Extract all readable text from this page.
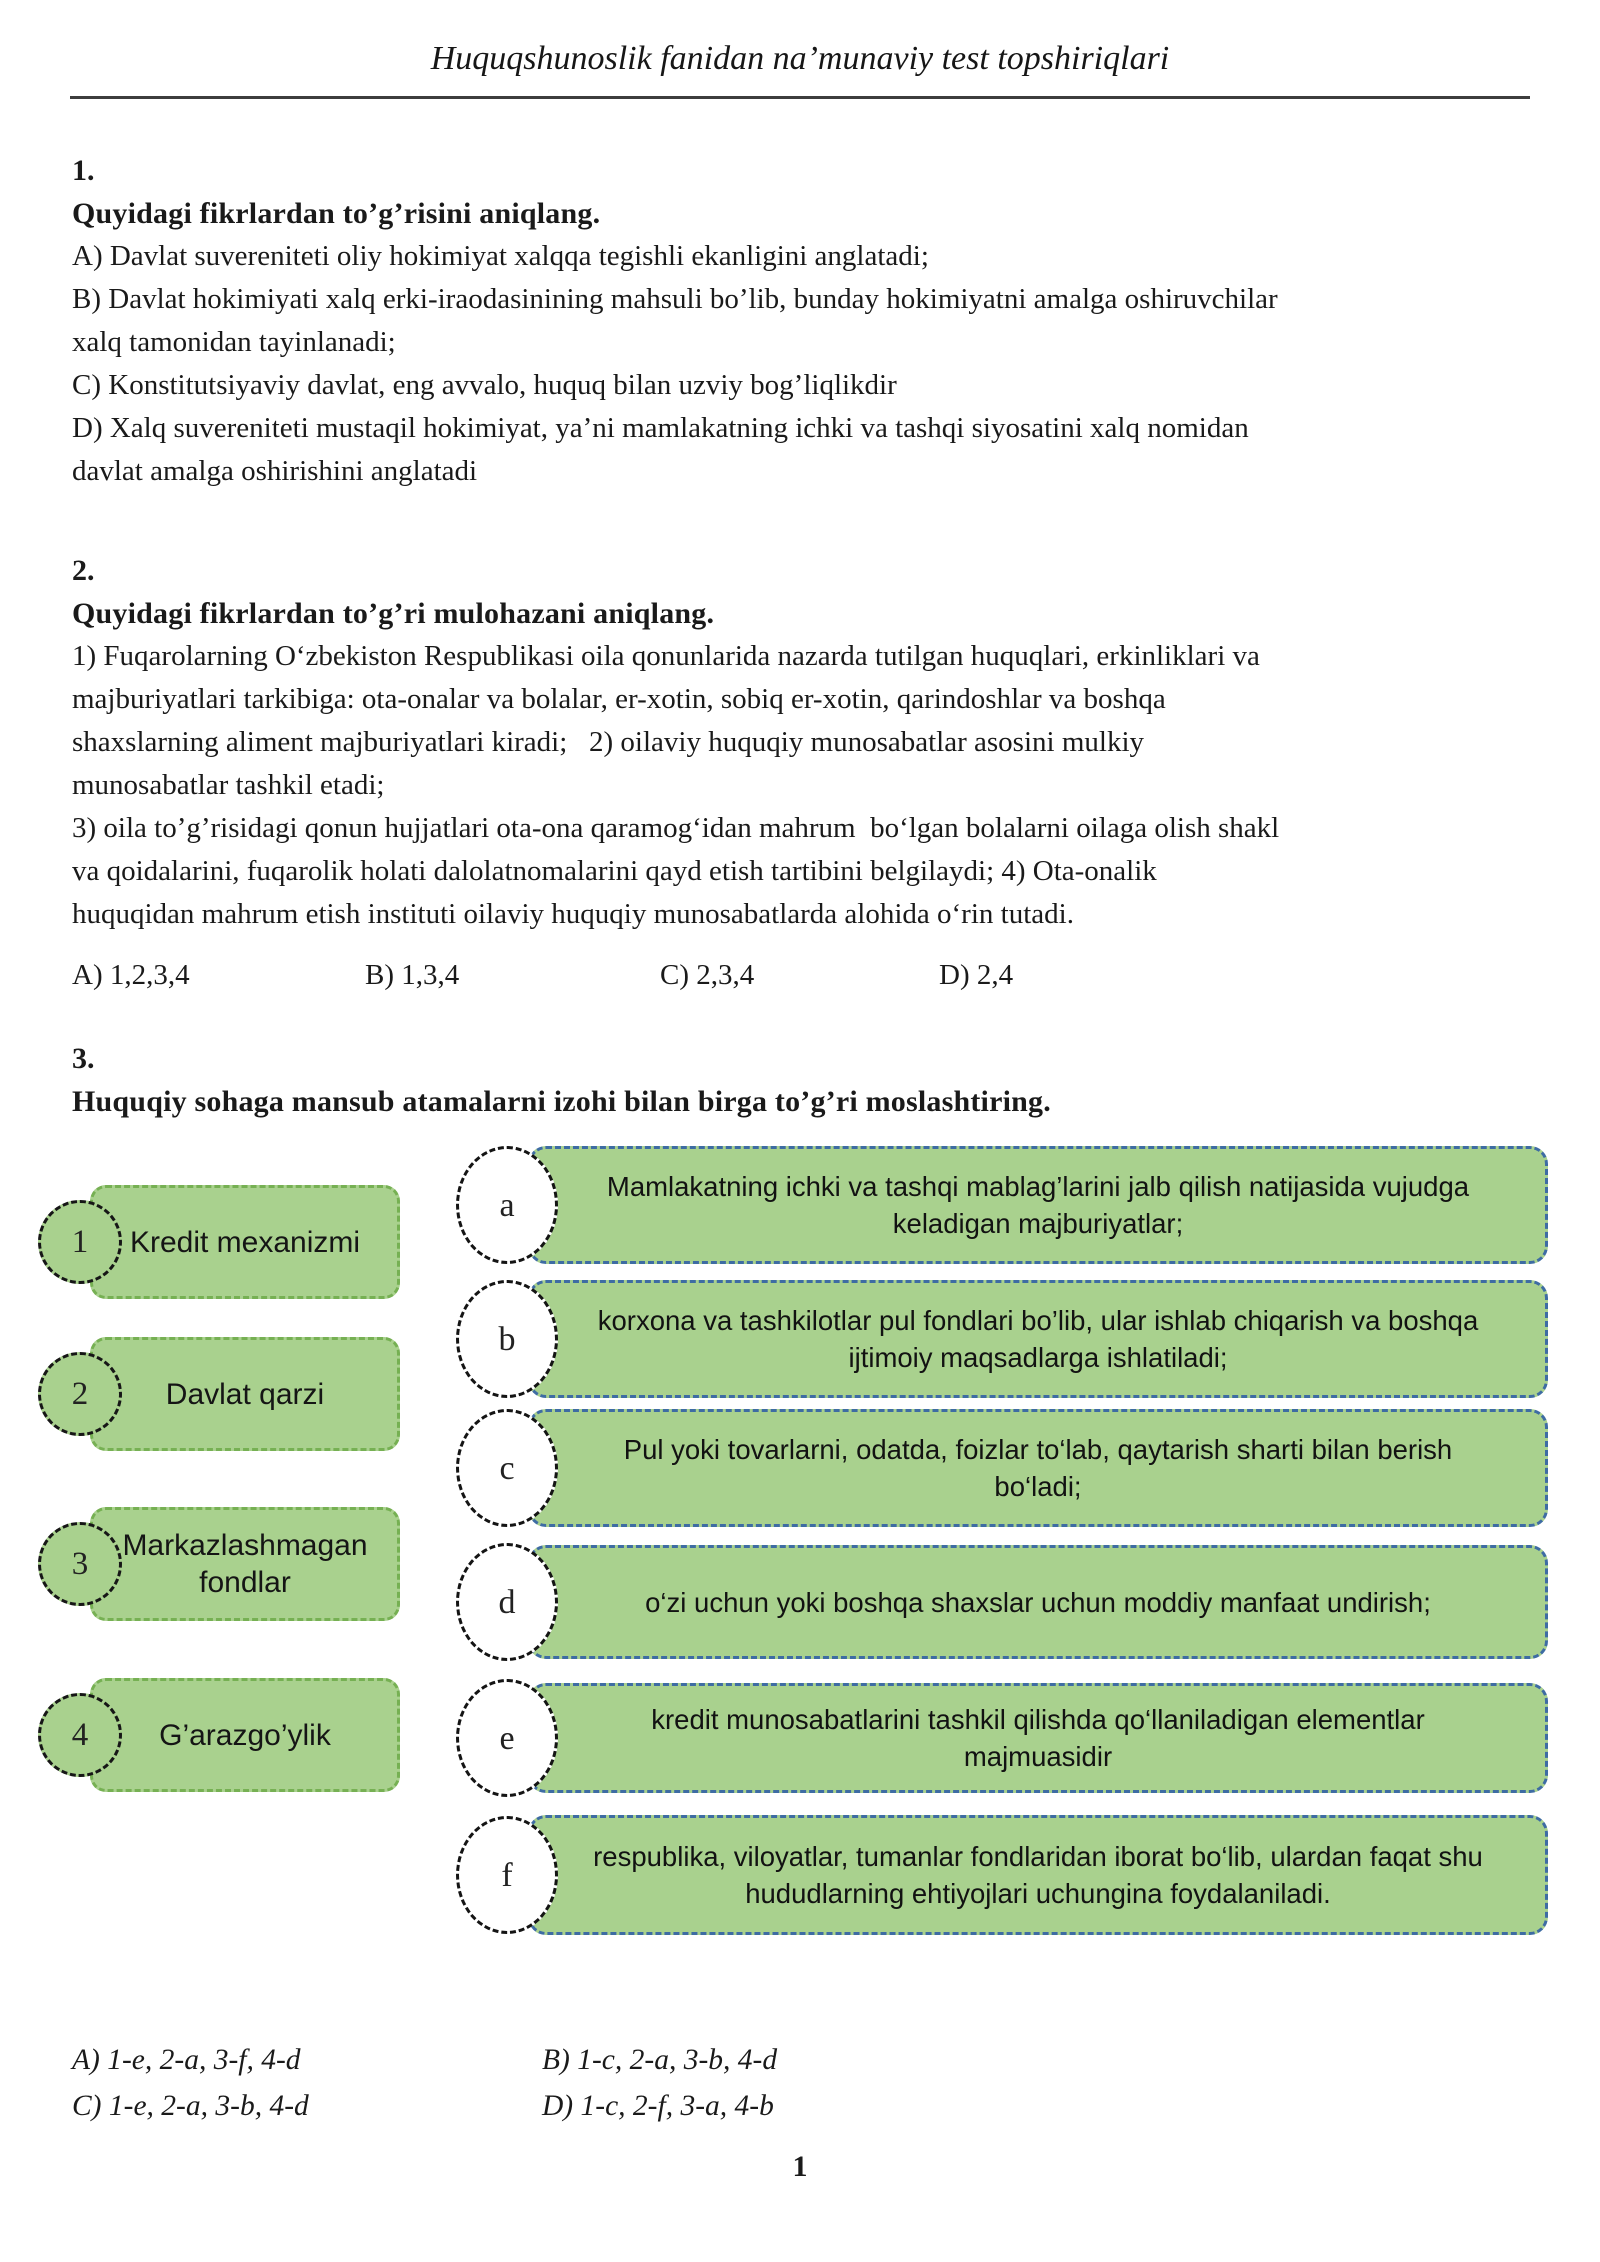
Huquqshunoslik fanidan na’munaviy test topshiriqlari
1.
Quyidagi fikrlardan to’g’risini aniqlang.
A) Davlat suvereniteti oliy hokimiyat xalqqa tegishli ekanligini anglatadi;
B) Davlat hokimiyati xalq erki-iraodasinining mahsuli bo’lib, bunday hokimiyatni amalga oshiruvchilar
xalq tamonidan tayinlanadi;
C) Konstitutsiyaviy davlat, eng avvalo, huquq bilan uzviy bog’liqlikdir
D) Xalq suvereniteti mustaqil hokimiyat, ya’ni mamlakatning ichki va tashqi siyosatini xalq nomidan
davlat amalga oshirishini anglatadi
2.
Quyidagi fikrlardan to’g’ri mulohazani aniqlang.
1) Fuqarolarning O‘zbekiston Respublikasi oila qonunlarida nazarda tutilgan huquqlari, erkinliklari va
majburiyatlari tarkibiga: ota-onalar va bolalar, er-xotin, sobiq er-xotin, qarindoshlar va boshqa
shaxslarning aliment majburiyatlari kiradi;   2) oilaviy huquqiy munosabatlar asosini mulkiy
munosabatlar tashkil etadi;
3) oila to’g’risidagi qonun hujjatlari ota-ona qaramog‘idan mahrum  bo‘lgan bolalarni oilaga olish shakl
va qoidalarini, fuqarolik holati dalolatnomalarini qayd etish tartibini belgilaydi; 4) Ota-onalik
huquqidan mahrum etish instituti oilaviy huquqiy munosabatlarda alohida o‘rin tutadi.
A) 1,2,3,4	B) 1,3,4	C) 2,3,4	D) 2,4
3.
Huquqiy sohaga mansub atamalarni izohi bilan birga to’g’ri moslashtiring.
1	Kredit mexanizmi
2	Davlat qarzi
3	Markazlashmagan fondlar
4	G’arazgo’ylik
a	Mamlakatning ichki va tashqi mablag’larini jalb qilish natijasida vujudga keladigan majburiyatlar;
b	korxona va tashkilotlar pul fondlari bo’lib, ular ishlab chiqarish va boshqa ijtimoiy maqsadlarga ishlatiladi;
c	Pul yoki tovarlarni, odatda, foizlar to‘lab, qaytarish sharti bilan berish bo‘ladi;
d	o‘zi uchun yoki boshqa shaxslar uchun moddiy manfaat undirish;
e	kredit munosabatlarini tashkil qilishda qo‘llaniladigan elementlar majmuasidir
f	respublika, viloyatlar, tumanlar fondlaridan iborat bo‘lib, ulardan faqat shu hududlarning ehtiyojlari uchungina foydalaniladi.
A) 1-e, 2-a, 3-f, 4-d	B) 1-c, 2-a, 3-b, 4-d
C) 1-e, 2-a, 3-b, 4-d	D) 1-c, 2-f, 3-a, 4-b
1
